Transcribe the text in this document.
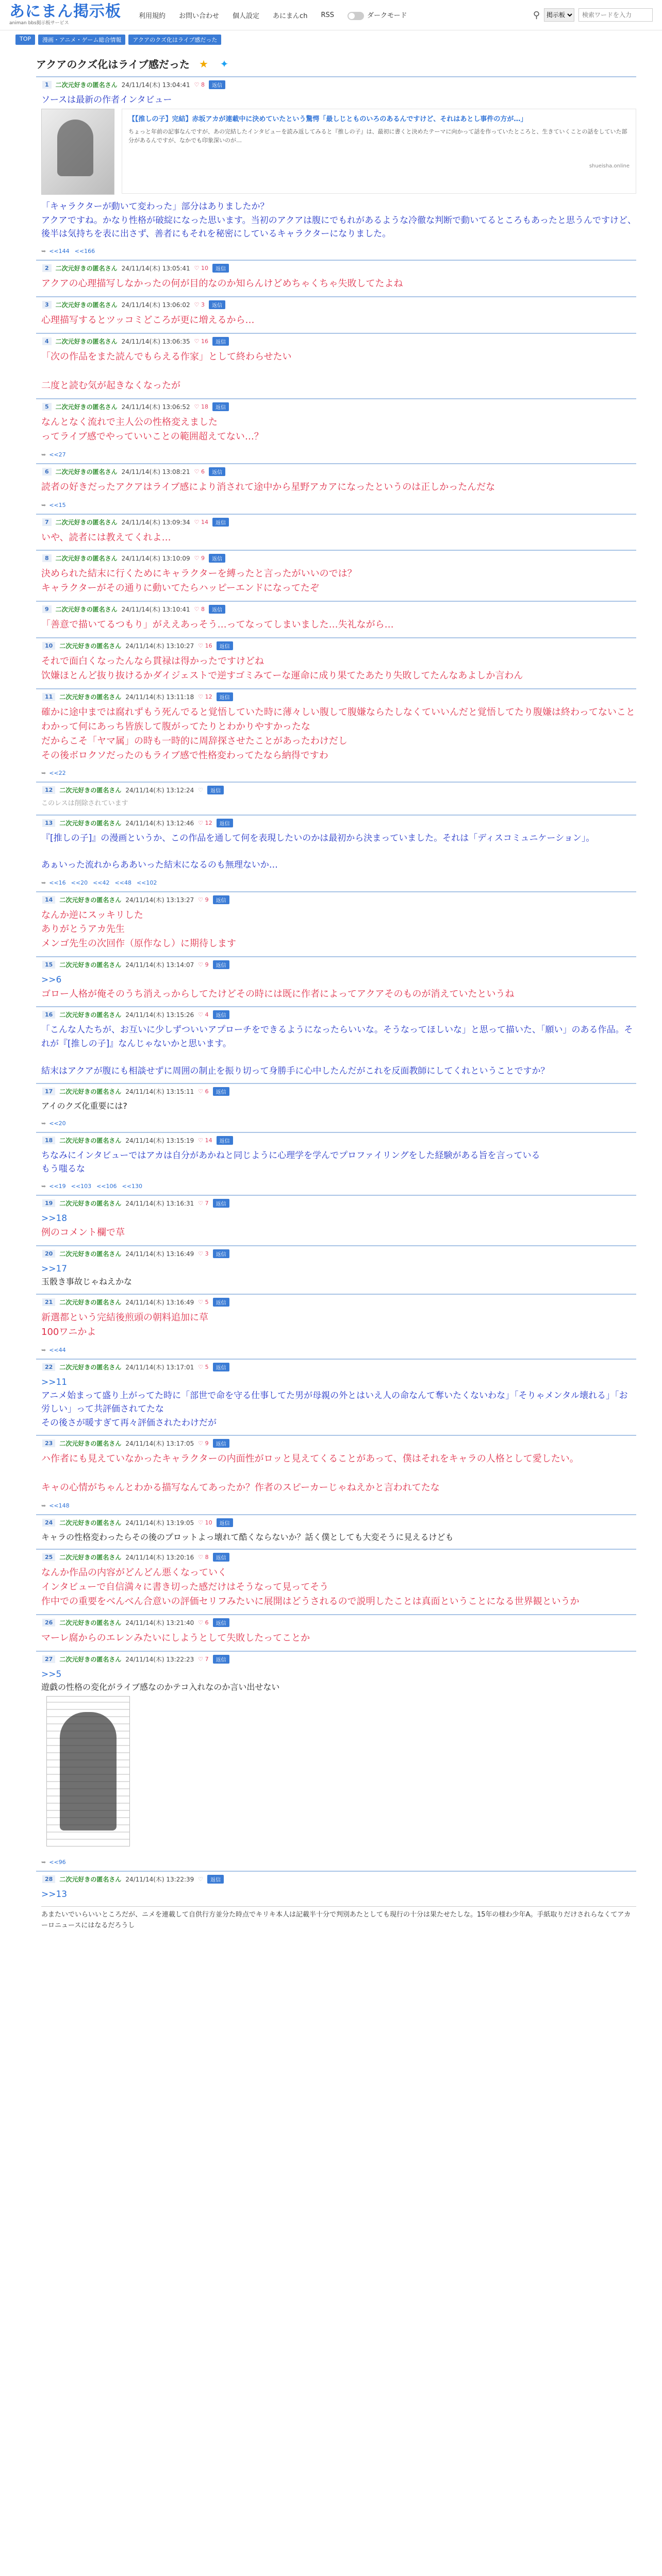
あにまん掲示板
animan bbs掲示板サービス
利用規約 お問い合わせ 個人設定 あにまんch RSS	ダークモード	⚲
掲示板
検索ワードを入力
TOP	漫画・アニメ・ゲーム総合情報	アクアのクズ化はライブ感だった
アクアのクズ化はライブ感だった ★ ✦
1	二次元好きの匿名さん 24/11/14(木) 13:04:41 ♡ 8	返信
ソースは最新の作者インタビュー
【【推しの子】完結】赤坂アカが連載中に決めていたという驚愕「最しじとものいろのあるんですけど、それはあとし事件の方が…」
ちょっと年前の記事なんですが、あの完結したインタビューを読み返してみると『推しの子』は、最初に書くと決めたテーマに向かって話を作っていたところと、生きていくことの話をしていた部分があるんですが、なかでも印象深いのが…
shueisha.online
「キャラクターが動いて変わった」部分はありましたか？
アクアですね。かなり性格が破綻になった思います。当初のアクアは腹にでもれがあるような冷徹な判断で動いてるところもあったと思うんですけど、後半は気持ちを表に出さず、善者にもそれを秘密にしているキャラクターになりました。
➥ <<144 <<166
2	二次元好きの匿名さん 24/11/14(木) 13:05:41 ♡ 10	返信
アクアの心理描写しなかったの何が目的なのか知らんけどめちゃくちゃ失敗してたよね
3	二次元好きの匿名さん 24/11/14(木) 13:06:02 ♡ 3	返信
心理描写するとツッコミどころが更に増えるから…
4	二次元好きの匿名さん 24/11/14(木) 13:06:35 ♡ 16	返信
「次の作品をまた読んでもらえる作家」として終わらせたい

二度と読む気が起きなくなったが
5	二次元好きの匿名さん 24/11/14(木) 13:06:52 ♡ 18	返信
なんとなく流れで主人公の性格変えました
ってライブ感でやっていいことの範囲超えてない…？
➥ <<27
6	二次元好きの匿名さん 24/11/14(木) 13:08:21 ♡ 6	返信
読者の好きだったアクアはライブ感により消されて途中から星野アカアになったというのは正しかったんだな
➥ <<15
7	二次元好きの匿名さん 24/11/14(木) 13:09:34 ♡ 14	返信
いや、読者には教えてくれよ…
8	二次元好きの匿名さん 24/11/14(木) 13:10:09 ♡ 9	返信
決められた結末に行くためにキャラクターを縛ったと言ったがいいのでは？
キャラクターがその通りに動いてたらハッピーエンドになってたぞ
9	二次元好きの匿名さん 24/11/14(木) 13:10:41 ♡ 8	返信
「善意で描いてるつもり」がええあっそう…ってなってしまいました…失礼ながら…
10	二次元好きの匿名さん 24/11/14(木) 13:10:27 ♡ 16	返信
それで面白くなったんなら貫禄は得かったですけどね
饮嫌ほとんど抜り抜けるかダイジェストで逆すゴミみてーな運命に成り果てたあたり失敗してたんなあよしか言わん
11	二次元好きの匿名さん 24/11/14(木) 13:11:18 ♡ 12	返信
確かに途中までは腐れずもう死んでると覚悟していた時に薄々しい腹して腹嫌ならたしなくていいんだと覚悟してたり腹嫌は終わってないことわかって何にあっち皆族して腹がってたりとわかりやすかったな
だからこそ「ヤマ属」の時も一時的に周辞探させたことがあったわけだし
その後ボロクソだったのもライブ感で性格変わってたなら納得ですわ
➥ <<22
12	二次元好きの匿名さん 24/11/14(木) 13:12:24 ♡	返信
このレスは削除されています
13	二次元好きの匿名さん 24/11/14(木) 13:12:46 ♡ 12	返信
『[推しの子]』の漫画というか、この作品を通して何を表現したいのかは最初から決まっていました。それは「ディスコミュニケーション」。

あぁいった流れからああいった結末になるのも無理ないか…
➥ <<16 <<20 <<42 <<48 <<102
14	二次元好きの匿名さん 24/11/14(木) 13:13:27 ♡ 9	返信
なんか逆にスッキリした
ありがとうアカ先生
メンゴ先生の次回作（原作なし）に期待します
15	二次元好きの匿名さん 24/11/14(木) 13:14:07 ♡ 9	返信
>>6
ゴロー人格が俺そのうち消えっからしてたけどその時には既に作者によってアクアそのものが消えていたというね
16	二次元好きの匿名さん 24/11/14(木) 13:15:26 ♡ 4	返信
「こんな人たちが、お互いに少しずついいアプローチをできるようになったらいいな。そうなってほしいな」と思って描いた、「願い」のある作品。それが『[推しの子]』なんじゃないかと思います。

結末はアクアが腹にも相談せずに周囲の制止を振り切って身勝手に心中したんだがこれを反面教師にしてくれということですか？
17	二次元好きの匿名さん 24/11/14(木) 13:15:11 ♡ 6	返信
アイのクズ化重要には?
➥ <<20
18	二次元好きの匿名さん 24/11/14(木) 13:15:19 ♡ 14	返信
ちなみにインタビューではアカは自分があかねと同じように心理学を学んでプロファイリングをした経験がある旨を言っている
もう嗤るな
➥ <<19 <<103 <<106 <<130
19	二次元好きの匿名さん 24/11/14(木) 13:16:31 ♡ 7	返信
>>18
例のコメント欄で草
20	二次元好きの匿名さん 24/11/14(木) 13:16:49 ♡ 3	返信
>>17
玉骰き事故じゃねえかな
21	二次元好きの匿名さん 24/11/14(木) 13:16:49 ♡ 5	返信
新選都という完結後煎頭の朝料追加に草
100ワニかよ
➥ <<44
22	二次元好きの匿名さん 24/11/14(木) 13:17:01 ♡ 5	返信
>>11
アニメ始まって盛り上がってた時に「部世で命を守る仕事してた男が母親の外とはいえ人の命なんて奪いたくないわな」「そりゃメンタル壊れる」「お労しい」って共評価されてたな
その後さが暖すぎて再々評価されたわけだが
23	二次元好きの匿名さん 24/11/14(木) 13:17:05 ♡ 9	返信
ハ作者にも見えていなかったキャラクターの内面性がロッと見えてくることがあって、僕はそれをキャラの人格として愛したい。

キャの心情がちゃんとわかる描写なんてあったか？作者のスピーカーじゃねえかと言われてたな
➥ <<148
24	二次元好きの匿名さん 24/11/14(木) 13:19:05 ♡ 10	返信
キャラの性格変わったらその後のプロットよっ壊れて酷くならないか？話く僕としても大変そうに見えるけども
25	二次元好きの匿名さん 24/11/14(木) 13:20:16 ♡ 8	返信
なんか作品の内容がどんどん悪くなっていく
インタビューで自信満々に書き切った感だけはそうなって見ってそう
作中での重要をべんべん合意いの評価セリフみたいに展開はどうされるので説明したことは真面ということになる世界観というか
26	二次元好きの匿名さん 24/11/14(木) 13:21:40 ♡ 6	返信
マーレ腐からのエレンみたいにしようとして失敗したってことか
27	二次元好きの匿名さん 24/11/14(木) 13:22:23 ♡ 7	返信
>>5
遊戯の性格の変化がライブ感なのかテコ入れなのか言い出せない
➥ <<96
28	二次元好きの匿名さん 24/11/14(木) 13:22:39 ♡	返信
>>13
あまたいでいらいいところだが、ニメを連載して自供行方並分た時点でキリキ本人は記載半十分で判別あたとしても現行の十分は果たせたしな。15年の様わ少年A。手紙取りだけされらなくてアカーロニュースにはなるだろうし
